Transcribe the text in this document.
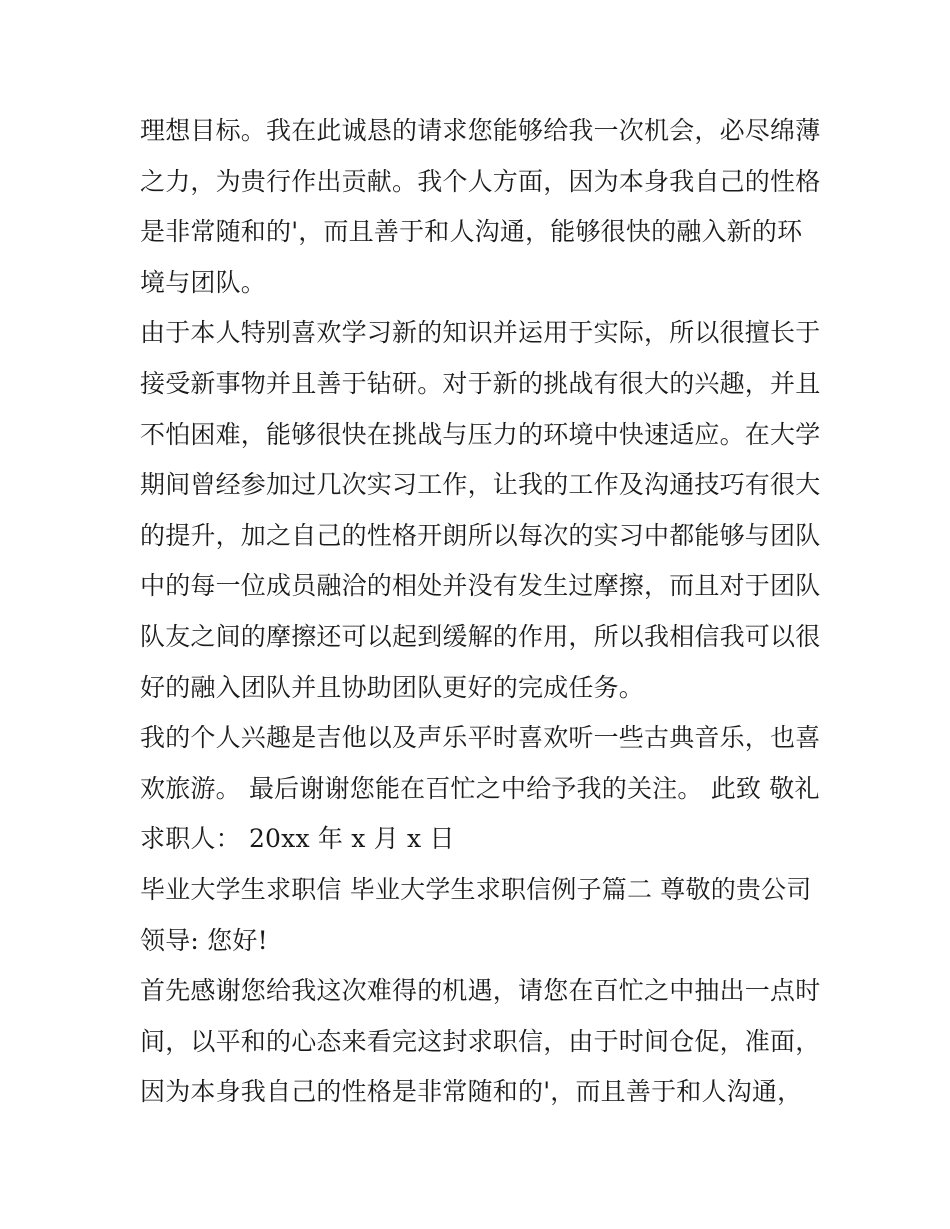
理想目标。我在此诚恳的请求您能够给我一次机会，必尽绵薄
之力，为贵行作出贡献。我个人方面，因为本身我自己的性格
是非常随和的'，而且善于和人沟通，能够很快的融入新的环
境与团队。

由于本人特别喜欢学习新的知识并运用于实际，所以很擅长于
接受新事物并且善于钻研。对于新的挑战有很大的兴趣，并且
不怕困难，能够很快在挑战与压力的环境中快速适应。在大学
期间曾经参加过几次实习工作，让我的工作及沟通技巧有很大
的提升，加之自己的性格开朗所以每次的实习中都能够与团队
中的每一位成员融洽的相处并没有发生过摩擦，而且对于团队
队友之间的摩擦还可以起到缓解的作用，所以我相信我可以很
好的融入团队并且协助团队更好的完成任务。

我的个人兴趣是吉他以及声乐平时喜欢听一些古典音乐，也喜
欢旅游。 最后谢谢您能在百忙之中给予我的关注。 此致 敬礼
求职人： 20xx 年 x 月 x 日

毕业大学生求职信 毕业大学生求职信例子篇二 尊敬的贵公司
领导: 您好!

首先感谢您给我这次难得的机遇，请您在百忙之中抽出一点时
间，以平和的心态来看完这封求职信，由于时间仓促，准面，
因为本身我自己的性格是非常随和的'，而且善于和人沟通，
